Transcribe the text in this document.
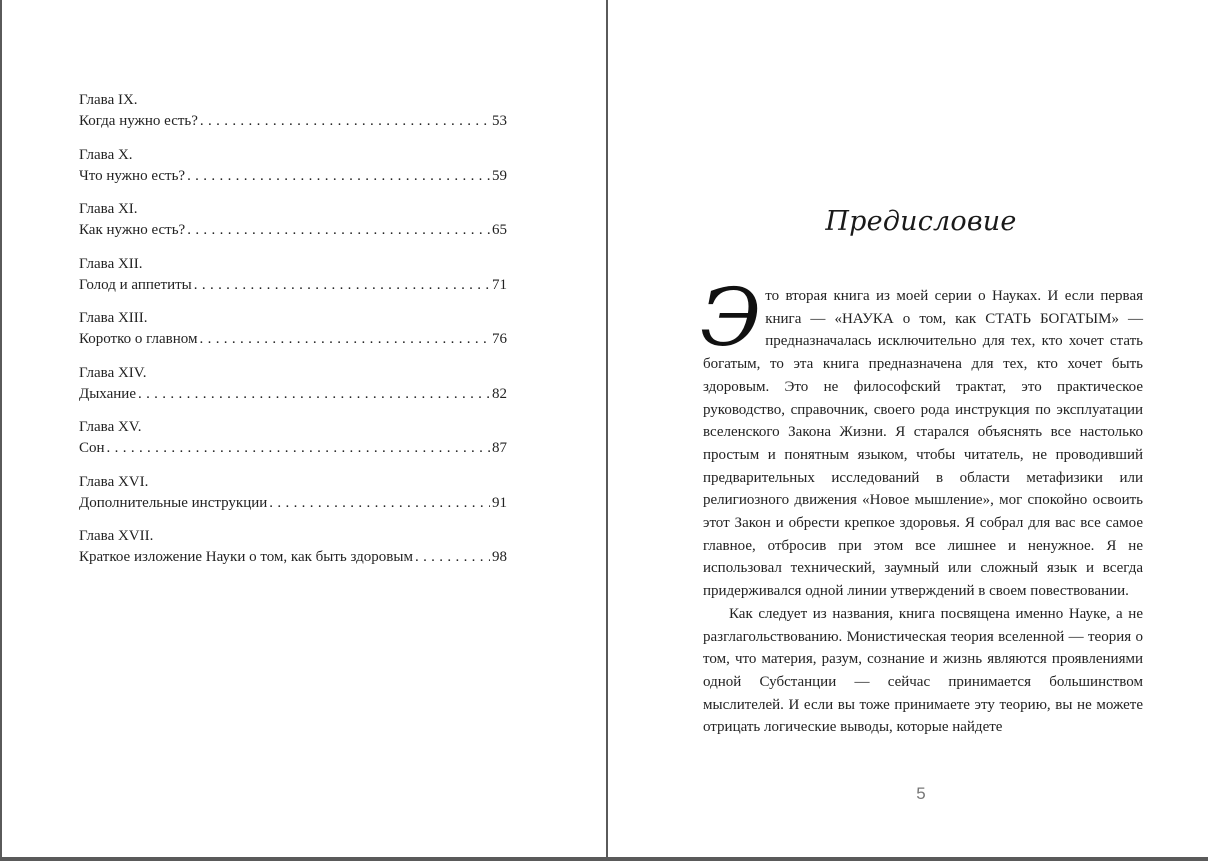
Глава IX.
Когда нужно есть? . . .	53
Глава X.
Что нужно есть? . . .	59
Глава XI.
Как нужно есть? . . .	65
Глава XII.
Голод и аппетиты . . .	71
Глава XIII.
Коротко о главном . . .	76
Глава XIV.
Дыхание . . .	82
Глава XV.
Сон . . .	87
Глава XVI.
Дополнительные инструкции . . .	91
Глава XVII.
Краткое изложение Науки о том, как быть здоровым . . .	98
Предисловие

Это вторая книга из моей серии о Науках. И если первая книга — «НАУКА о том, как СТАТЬ БОГАТЫМ» — предназначалась исключительно для тех, кто хочет стать богатым, то эта книга предназначена для тех, кто хочет быть здоровым. Это не философский трактат, это практическое руководство, справочник, своего рода инструкция по эксплуатации вселенского Закона Жизни. Я старался объяснять все настолько простым и понятным языком, чтобы читатель, не проводивший предварительных исследований в области метафизики или религиозного движения «Новое мышление», мог спокойно освоить этот Закон и обрести крепкое здоровья. Я собрал для вас все самое главное, отбросив при этом все лишнее и ненужное. Я не использовал технический, заумный или сложный язык и всегда придерживался одной линии утверждений в своем повествовании.

Как следует из названия, книга посвящена именно Науке, а не разглагольствованию. Монистическая теория вселенной — теория о том, что материя, разум, сознание и жизнь являются проявлениями одной Субстанции — сейчас принимается большинством мыслителей. И если вы тоже принимаете эту теорию, вы не можете отрицать логические выводы, которые найдете

5
